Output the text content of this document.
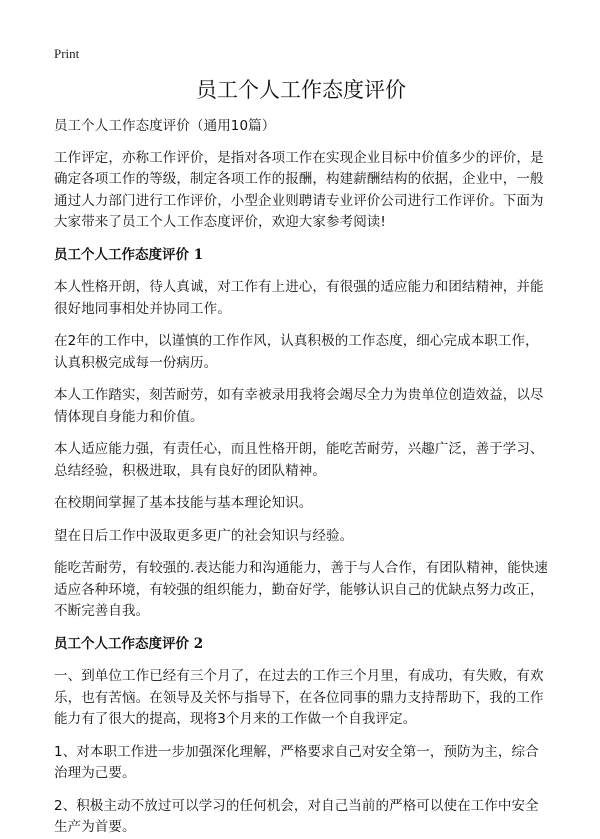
Print
员工个人工作态度评价

员工个人工作态度评价（通用10篇）

工作评定，亦称工作评价，是指对各项工作在实现企业目标中价值多少的评价，是确定各项工作的等级，制定各项工作的报酬，构建薪酬结构的依据，企业中，一般通过人力部门进行工作评价，小型企业则聘请专业评价公司进行工作评价。下面为大家带来了员工个人工作态度评价，欢迎大家参考阅读!

员工个人工作态度评价 1

本人性格开朗，待人真诚，对工作有上进心，有很强的适应能力和团结精神，并能很好地同事相处并协同工作。

在2年的工作中，以谨慎的工作作风，认真积极的工作态度，细心完成本职工作，认真积极完成每一份病历。

本人工作踏实，刻苦耐劳，如有幸被录用我将会竭尽全力为贵单位创造效益，以尽情体现自身能力和价值。

本人适应能力强，有责任心，而且性格开朗，能吃苦耐劳，兴趣广泛，善于学习、总结经验，积极进取，具有良好的团队精神。

在校期间掌握了基本技能与基本理论知识。

望在日后工作中汲取更多更广的社会知识与经验。

能吃苦耐劳，有较强的.表达能力和沟通能力，善于与人合作，有团队精神，能快速适应各种环境，有较强的组织能力，勤奋好学，能够认识自己的优缺点努力改正，不断完善自我。

员工个人工作态度评价 2

一、到单位工作已经有三个月了，在过去的工作三个月里，有成功，有失败，有欢乐，也有苦恼。在领导及关怀与指导下，在各位同事的鼎力支持帮助下，我的工作能力有了很大的提高，现将3个月来的工作做一个自我评定。

1、对本职工作进一步加强深化理解，严格要求自己对安全第一，预防为主，综合治理为己要。

2、积极主动不放过可以学习的任何机会，对自己当前的严格可以使在工作中安全生产为首要。
